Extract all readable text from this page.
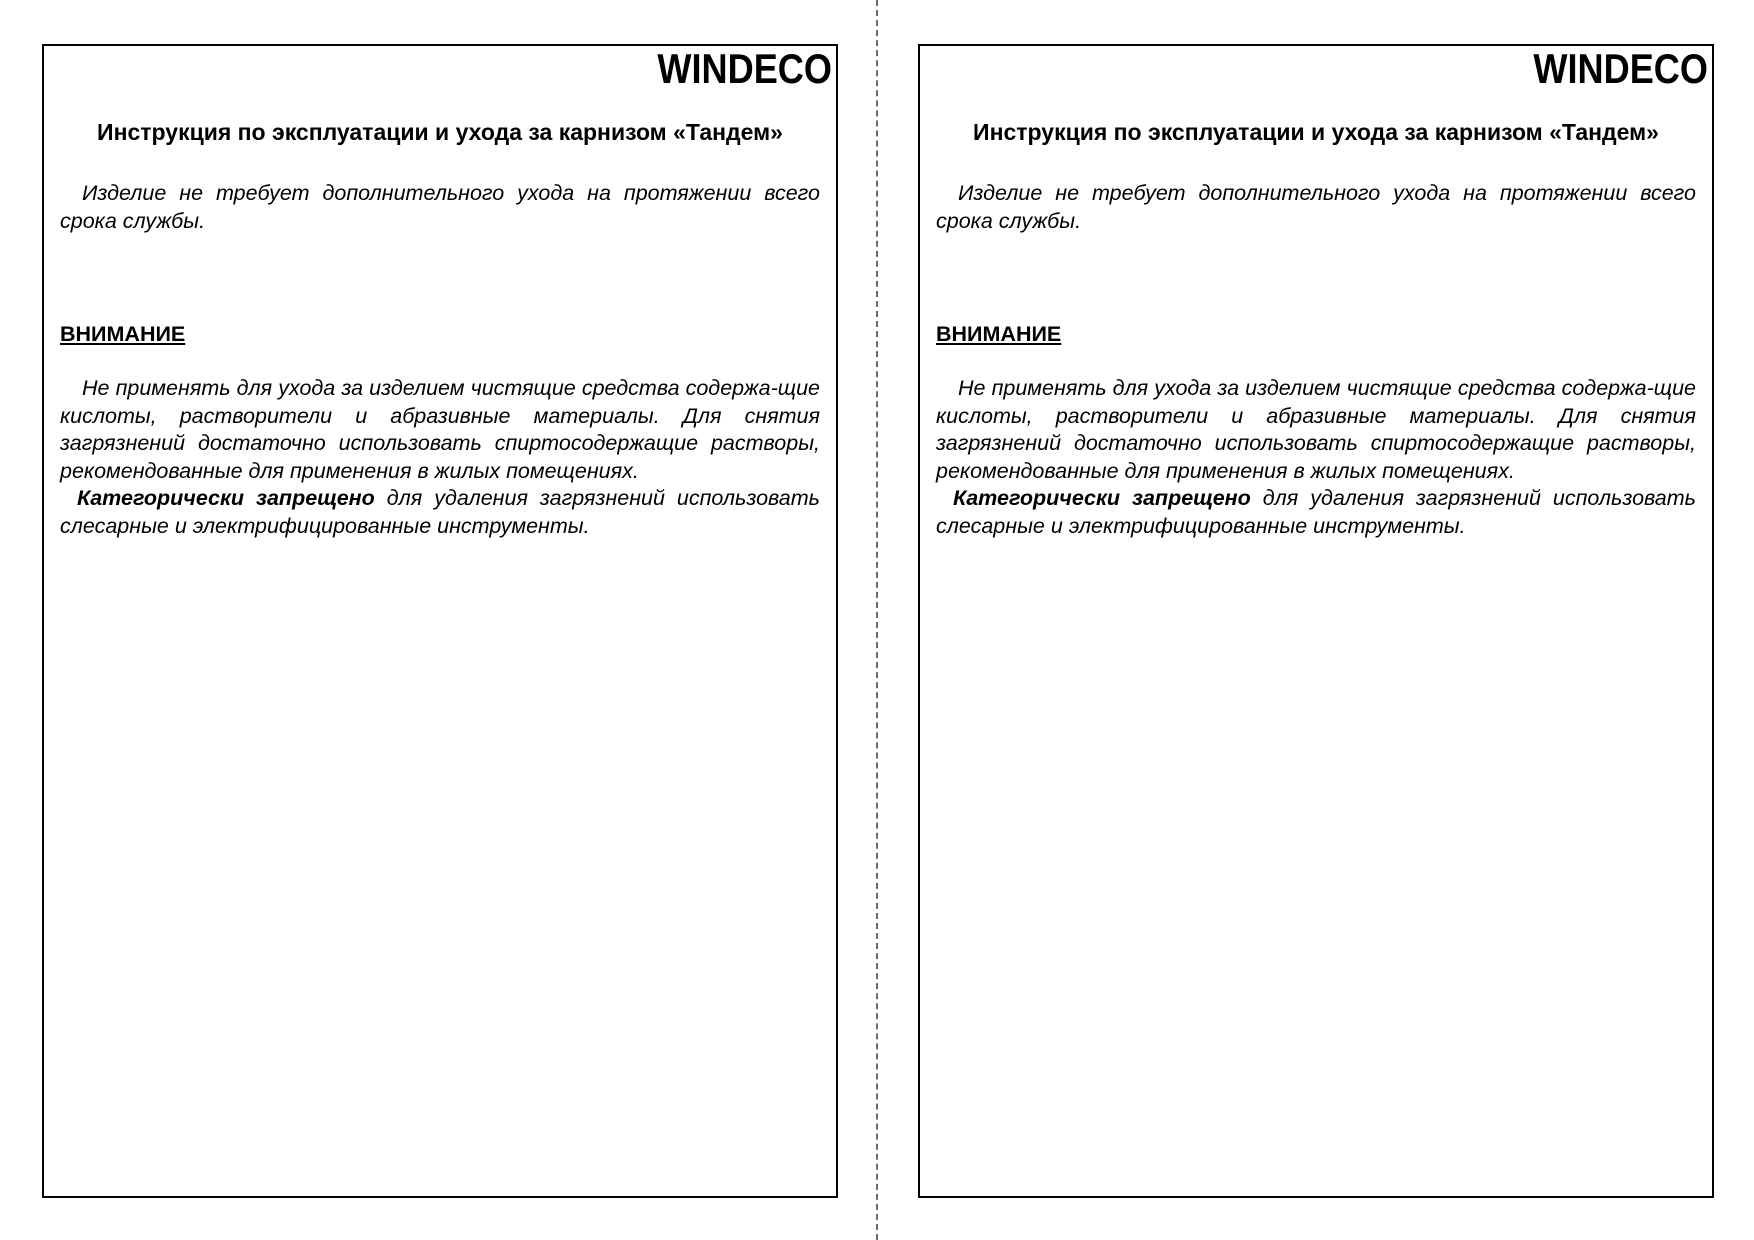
WINDECO
Инструкция по эксплуатации и ухода за карнизом «Тандем»

Изделие не требует дополнительного ухода на протяжении всего срока службы.

ВНИМАНИЕ

Не применять для ухода за изделием чистящие средства содержа-щие кислоты, растворители и абразивные материалы. Для снятия загрязнений достаточно использовать спиртосодержащие растворы, рекомендованные для применения в жилых помещениях.

Категорически запрещено для удаления загрязнений использовать слесарные и электрифицированные инструменты.

WINDECO
Инструкция по эксплуатации и ухода за карнизом «Тандем»

Изделие не требует дополнительного ухода на протяжении всего срока службы.

ВНИМАНИЕ

Не применять для ухода за изделием чистящие средства содержа-щие кислоты, растворители и абразивные материалы. Для снятия загрязнений достаточно использовать спиртосодержащие растворы, рекомендованные для применения в жилых помещениях.

Категорически запрещено для удаления загрязнений использовать слесарные и электрифицированные инструменты.
